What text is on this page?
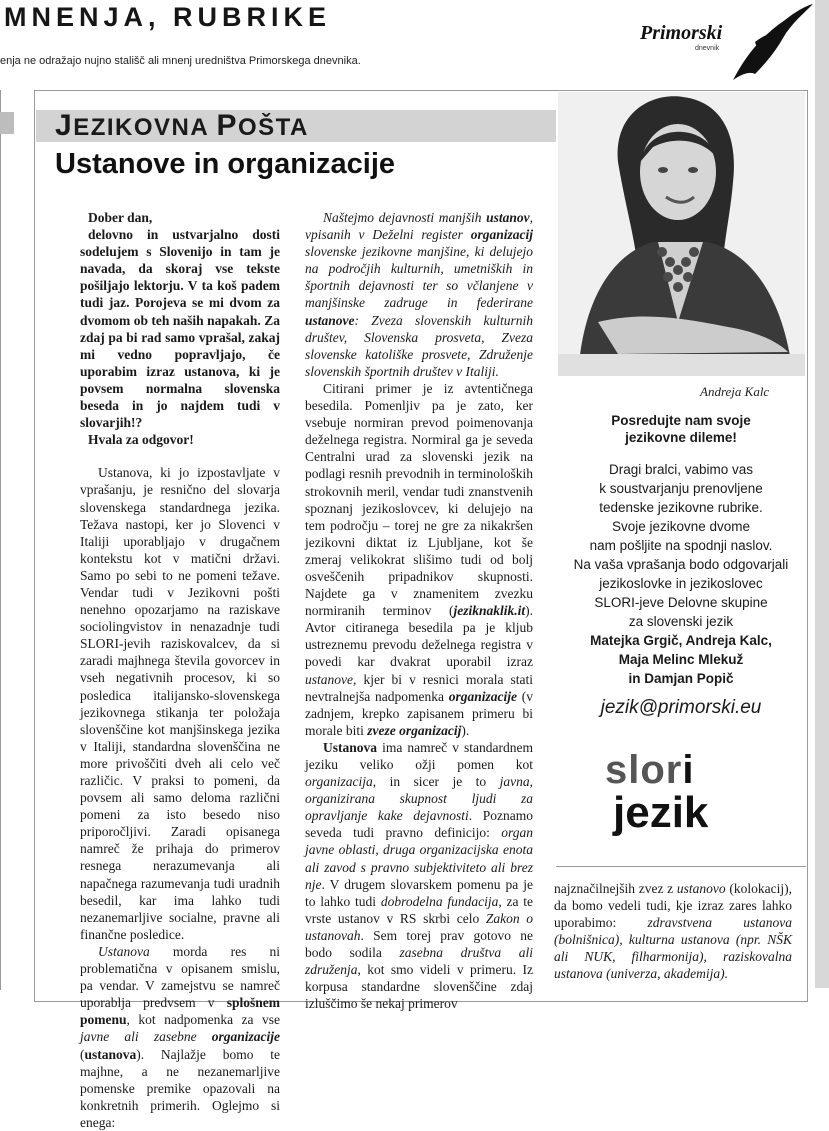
MNENJA, RUBRIKE
enja ne odražajo nujno stališč ali mnenj uredništva Primorskega dnevnika.
Primorski
dnevnik
JEZIKOVNA POŠTA
Ustanove in organizacije

Dober dan,

delovno in ustvarjalno dosti sodelujem s Slovenijo in tam je navada, da skoraj vse tekste pošiljajo lektorju. V ta koš padem tudi jaz. Porojeva se mi dvom za dvomom ob teh naših napakah. Za zdaj pa bi rad samo vprašal, zakaj mi vedno popravljajo, če uporabim izraz ustanova, ki je povsem normalna slovenska beseda in jo najdem tudi v slovarjih!?

Hvala za odgovor!

Ustanova, ki jo izpostavljate v vprašanju, je resnično del slovarja slovenskega standardnega jezika. Težava nastopi, ker jo Slovenci v Italiji uporabljajo v drugačnem kontekstu kot v matični državi. Samo po sebi to ne pomeni težave. Vendar tudi v Jezikovni pošti nenehno opozarjamo na raziskave sociolingvistov in nenazadnje tudi SLORI-jevih raziskovalcev, da si zaradi majhnega števila govorcev in vseh negativnih procesov, ki so posledica italijansko-slovenskega jezikovnega stikanja ter položaja slovenščine kot manjšinskega jezika v Italiji, standardna slovenščina ne more privoščiti dveh ali celo več različic. V praksi to pomeni, da povsem ali samo deloma različni pomeni za isto besedo niso priporočljivi. Zaradi opisanega namreč že prihaja do primerov resnega nerazumevanja ali napačnega razumevanja tudi uradnih besedil, kar ima lahko tudi nezanemarljive socialne, pravne ali finančne posledice.

Ustanova morda res ni problematična v opisanem smislu, pa vendar. V zamejstvu se namreč uporablja predvsem v splošnem pomenu, kot nadpomenka za vse javne ali zasebne organizacije (ustanova). Najlažje bomo te majhne, a ne nezanemarljive pomenske premike opazovali na konkretnih primerih. Oglejmo si enega:

Naštejmo dejavnosti manjših ustanov, vpisanih v Deželni register organizacij slovenske jezikovne manjšine, ki delujejo na področjih kulturnih, umetniških in športnih dejavnosti ter so včlanjene v manjšinske zadruge in federirane ustanove: Zveza slovenskih kulturnih društev, Slovenska prosveta, Zveza slovenske katoliške prosvete, Združenje slovenskih športnih društev v Italiji.

Citirani primer je iz avtentičnega besedila. Pomenljiv pa je zato, ker vsebuje normiran prevod poimenovanja deželnega registra. Normiral ga je seveda Centralni urad za slovenski jezik na podlagi resnih prevodnih in terminoloških strokovnih meril, vendar tudi znanstvenih spoznanj jezikoslovcev, ki delujejo na tem področju – torej ne gre za nikakršen jezikovni diktat iz Ljubljane, kot še zmeraj velikokrat slišimo tudi od bolj osveščenih pripadnikov skupnosti. Najdete ga v znamenitem zvezku normiranih terminov (jeziknaklik.it). Avtor citiranega besedila pa je kljub ustreznemu prevodu deželnega registra v povedi kar dvakrat uporabil izraz ustanove, kjer bi v resnici morala stati nevtralnejša nadpomenka organizacije (v zadnjem, krepko zapisanem primeru bi morale biti zveze organizacij).

Ustanova ima namreč v standardnem jeziku veliko ožji pomen kot organizacija, in sicer je to javna, organizirana skupnost ljudi za opravljanje kake dejavnosti. Poznamo seveda tudi pravno definicijo: organ javne oblasti, druga organizacijska enota ali zavod s pravno subjektiviteto ali brez nje. V drugem slovarskem pomenu pa je to lahko tudi dobrodelna fundacija, za te vrste ustanov v RS skrbi celo Zakon o ustanovah. Sem torej prav gotovo ne bodo sodila zasebna društva ali združenja, kot smo videli v primeru. Iz korpusa standardne slovenščine zdaj izluščimo še nekaj primerov

Andreja Kalc

Posredujte nam svoje
jezikovne dileme!

Dragi bralci, vabimo vas
k soustvarjanju prenovljene
tedenske jezikovne rubrike.
Svoje jezikovne dvome
nam pošljite na spodnji naslov.
Na vaša vprašanja bodo odgovarjali
jezikoslovke in jezikoslovec
SLORI-jeve Delovne skupine
za slovenski jezik

Matejka Grgič, Andreja Kalc,
Maja Melinc Mlekuž
in Damjan Popič

jezik@primorski.eu
slori
jezik

najznačilnejših zvez z ustanovo (kolokacij), da bomo vedeli tudi, kje izraz zares lahko uporabimo: zdravstvena ustanova (bolnišnica), kulturna ustanova (npr. NŠK ali NUK, filharmonija), raziskovalna ustanova (univerza, akademija).
